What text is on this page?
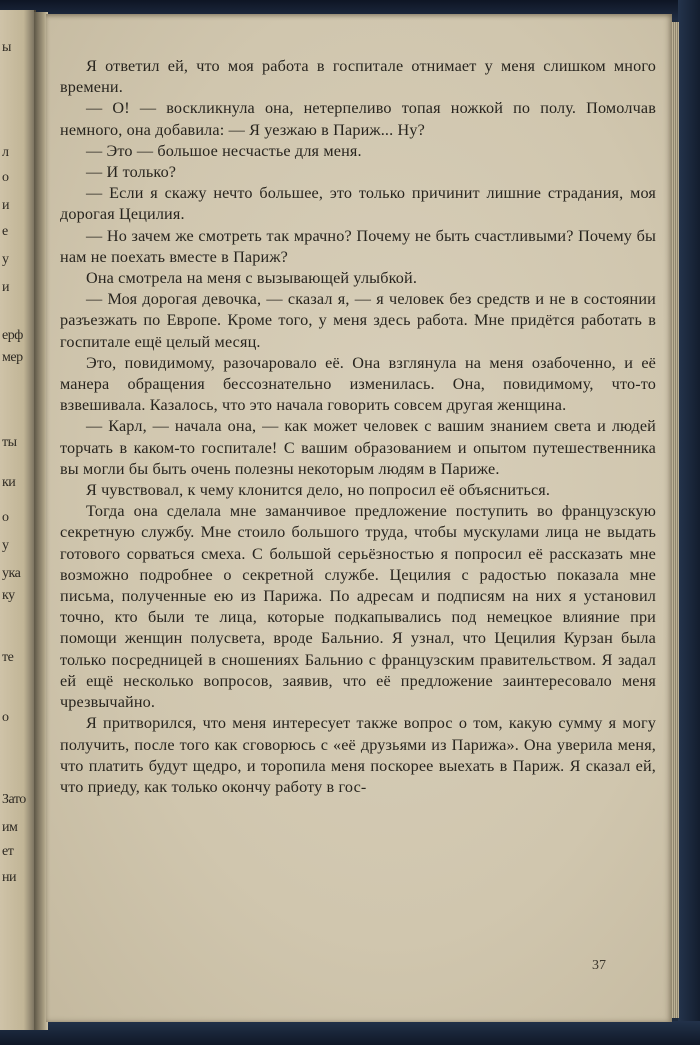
ы
л
о
и
е
у
и
ерф
мер
ты
ки
о
у
ука
ку
те
о
Зато
им
ет
ни

Я ответил ей, что моя работа в госпитале отнимает у меня слишком много времени.

— О! — воскликнула она, нетерпеливо топая ножкой по полу. Помолчав немного, она добавила: — Я уезжаю в Париж... Ну?

— Это — большое несчастье для меня.

— И только?

— Если я скажу нечто большее, это только причинит лишние страдания, моя дорогая Цецилия.

— Но зачем же смотреть так мрачно? Почему не быть счастливыми? Почему бы нам не поехать вместе в Париж?

Она смотрела на меня с вызывающей улыбкой.

— Моя дорогая девочка, — сказал я, — я человек без средств и не в состоянии разъезжать по Европе. Кроме того, у меня здесь работа. Мне придётся работать в госпитале ещё целый месяц.

Это, повидимому, разочаровало её. Она взглянула на меня озабоченно, и её манера обращения бессознательно изменилась. Она, повидимому, что-то взвешивала. Казалось, что это начала говорить совсем другая женщина.

— Карл, — начала она, — как может человек с вашим знанием света и людей торчать в каком-то госпитале! С вашим образованием и опытом путешественника вы могли бы быть очень полезны некоторым людям в Париже.

Я чувствовал, к чему клонится дело, но попросил её объясниться.

Тогда она сделала мне заманчивое предложение поступить во французскую секретную службу. Мне стоило большого труда, чтобы мускулами лица не выдать готового сорваться смеха. С большой серьёзностью я попросил её рассказать мне возможно подробнее о секретной службе. Цецилия с радостью показала мне письма, полученные ею из Парижа. По адресам и подписям на них я установил точно, кто были те лица, которые подкапывались под немецкое влияние при помощи женщин полусвета, вроде Бальнио. Я узнал, что Цецилия Курзан была только посредницей в сношениях Бальнио с французским правительством. Я задал ей ещё несколько вопросов, заявив, что её предложение заинтересовало меня чрезвычайно.

Я притворился, что меня интересует также вопрос о том, какую сумму я могу получить, после того как сговорюсь с «её друзьями из Парижа». Она уверила меня, что платить будут щедро, и торопила меня поскорее выехать в Париж. Я сказал ей, что приеду, как только окончу работу в гос-

37
